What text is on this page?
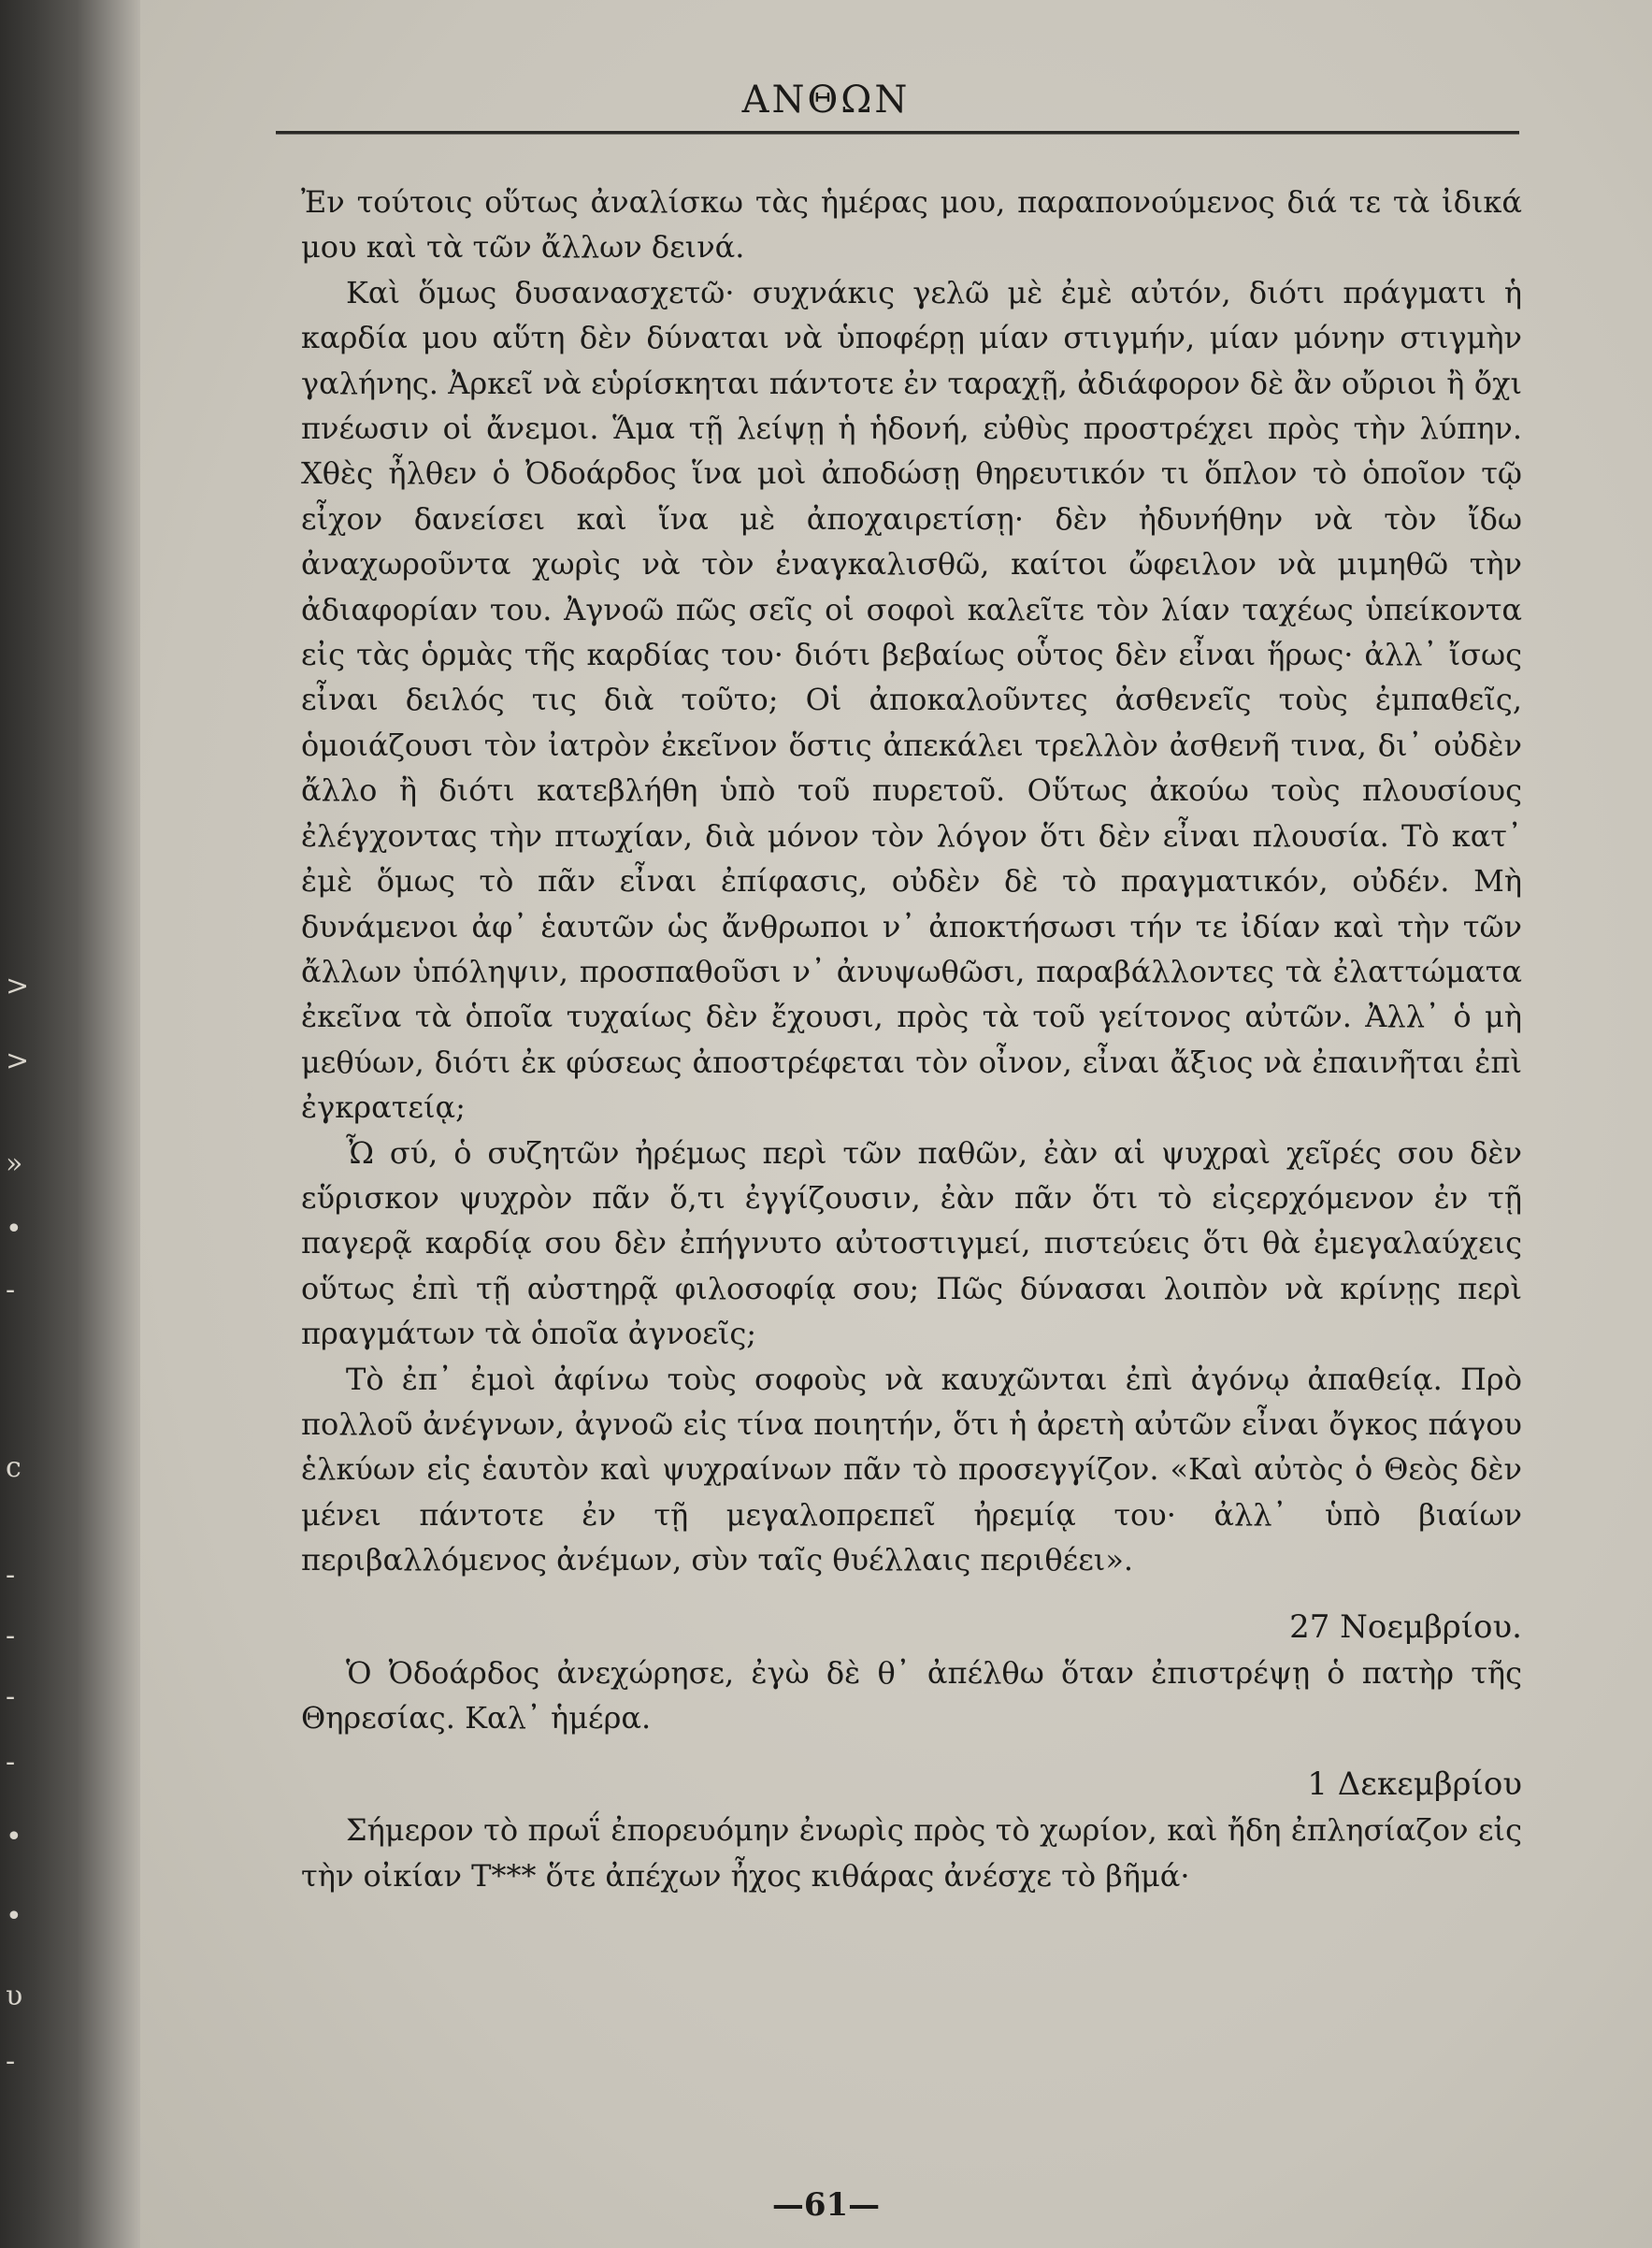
>
>
»
•
-
c
-
-
-
-
•
•
υ
-
ΑΝΘΩΝ

Ἐν τούτοις οὕτως ἀναλίσκω τὰς ἡμέρας μου, παραπονούμενος διά τε τὰ ἰδικά μου καὶ τὰ τῶν ἄλλων δεινά.

Καὶ ὅμως δυσανασχετῶ· συχνάκις γελῶ μὲ ἐμὲ αὐτόν, διότι πράγματι ἡ καρδία μου αὕτη δὲν δύναται νὰ ὑποφέρῃ μίαν στιγμήν, μίαν μόνην στιγμὴν γαλήνης. Ἀρκεῖ νὰ εὑρίσκηται πάντοτε ἐν ταραχῇ, ἀδιάφορον δὲ ἂν οὔριοι ἢ ὄχι πνέωσιν οἱ ἄνεμοι. Ἅμα τῇ λείψῃ ἡ ἡδονή, εὐθὺς προστρέχει πρὸς τὴν λύπην. Χθὲς ἦλθεν ὁ Ὀδοάρδος ἵνα μοὶ ἀποδώσῃ θηρευτικόν τι ὅπλον τὸ ὁποῖον τῷ εἶχον δανείσει καὶ ἵνα μὲ ἀποχαιρετίσῃ· δὲν ἠδυνήθην νὰ τὸν ἴδω ἀναχωροῦντα χωρὶς νὰ τὸν ἐναγκαλισθῶ, καίτοι ὤφειλον νὰ μιμηθῶ τὴν ἀδιαφορίαν του. Ἀγνοῶ πῶς σεῖς οἱ σοφοὶ καλεῖτε τὸν λίαν ταχέως ὑπείκοντα εἰς τὰς ὁρμὰς τῆς καρδίας του· διότι βεβαίως οὗτος δὲν εἶναι ἥρως· ἀλλ᾽ ἴσως εἶναι δειλός τις διὰ τοῦτο; Οἱ ἀποκαλοῦντες ἀσθενεῖς τοὺς ἐμπαθεῖς, ὁμοιάζουσι τὸν ἰατρὸν ἐκεῖνον ὅστις ἀπεκάλει τρελλὸν ἀσθενῆ τινα, δι᾽ οὐδὲν ἄλλο ἢ διότι κατεβλήθη ὑπὸ τοῦ πυρετοῦ. Οὕτως ἀκούω τοὺς πλουσίους ἐλέγχοντας τὴν πτωχίαν, διὰ μόνον τὸν λόγον ὅτι δὲν εἶναι πλουσία. Τὸ κατ᾽ ἐμὲ ὅμως τὸ πᾶν εἶναι ἐπίφασις, οὐδὲν δὲ τὸ πραγματικόν, οὐδέν. Μὴ δυνάμενοι ἀφ᾽ ἑαυτῶν ὡς ἄνθρωποι ν᾽ ἀποκτήσωσι τήν τε ἰδίαν καὶ τὴν τῶν ἄλλων ὑπόληψιν, προσπαθοῦσι ν᾽ ἀνυψωθῶσι, παραβάλλοντες τὰ ἐλαττώματα ἐκεῖνα τὰ ὁποῖα τυχαίως δὲν ἔχουσι, πρὸς τὰ τοῦ γείτονος αὐτῶν. Ἀλλ᾽ ὁ μὴ μεθύων, διότι ἐκ φύσεως ἀποστρέφεται τὸν οἶνον, εἶναι ἄξιος νὰ ἐπαινῆται ἐπὶ ἐγκρατείᾳ;

Ὦ σύ, ὁ συζητῶν ἠρέμως περὶ τῶν παθῶν, ἐὰν αἱ ψυχραὶ χεῖρές σου δὲν εὕρισκον ψυχρὸν πᾶν ὅ,τι ἐγγίζουσιν, ἐὰν πᾶν ὅτι τὸ εἰςερχόμενον ἐν τῇ παγερᾷ καρδίᾳ σου δὲν ἐπήγνυτο αὐτοστιγμεί, πιστεύεις ὅτι θὰ ἐμεγαλαύχεις οὕτως ἐπὶ τῇ αὐστηρᾷ φιλοσοφίᾳ σου; Πῶς δύνασαι λοιπὸν νὰ κρίνῃς περὶ πραγμάτων τὰ ὁποῖα ἀγνοεῖς;

Τὸ ἐπ᾽ ἐμοὶ ἀφίνω τοὺς σοφοὺς νὰ καυχῶνται ἐπὶ ἀγόνῳ ἀπαθείᾳ. Πρὸ πολλοῦ ἀνέγνων, ἀγνοῶ εἰς τίνα ποιητήν, ὅτι ἡ ἀρετὴ αὐτῶν εἶναι ὄγκος πάγου ἑλκύων εἰς ἑαυτὸν καὶ ψυχραίνων πᾶν τὸ προσεγγίζον. «Καὶ αὐτὸς ὁ Θεὸς δὲν μένει πάντοτε ἐν τῇ μεγαλοπρεπεῖ ἠρεμίᾳ του· ἀλλ᾽ ὑπὸ βιαίων περιβαλλόμενος ἀνέμων, σὺν ταῖς θυέλλαις περιθέει».

27 Νοεμβρίου.

Ὁ Ὀδοάρδος ἀνεχώρησε, ἐγὼ δὲ θ᾽ ἀπέλθω ὅταν ἐπιστρέψῃ ὁ πατὴρ τῆς Θηρεσίας. Καλ᾽ ἡμέρα.

1 Δεκεμβρίου

Σήμερον τὸ πρωΐ ἐπορευόμην ἐνωρὶς πρὸς τὸ χωρίον, καὶ ἤδη ἐπλησίαζον εἰς τὴν οἰκίαν T*** ὅτε ἀπέχων ἦχος κιθάρας ἀνέσχε τὸ βῆμά·

—61—
